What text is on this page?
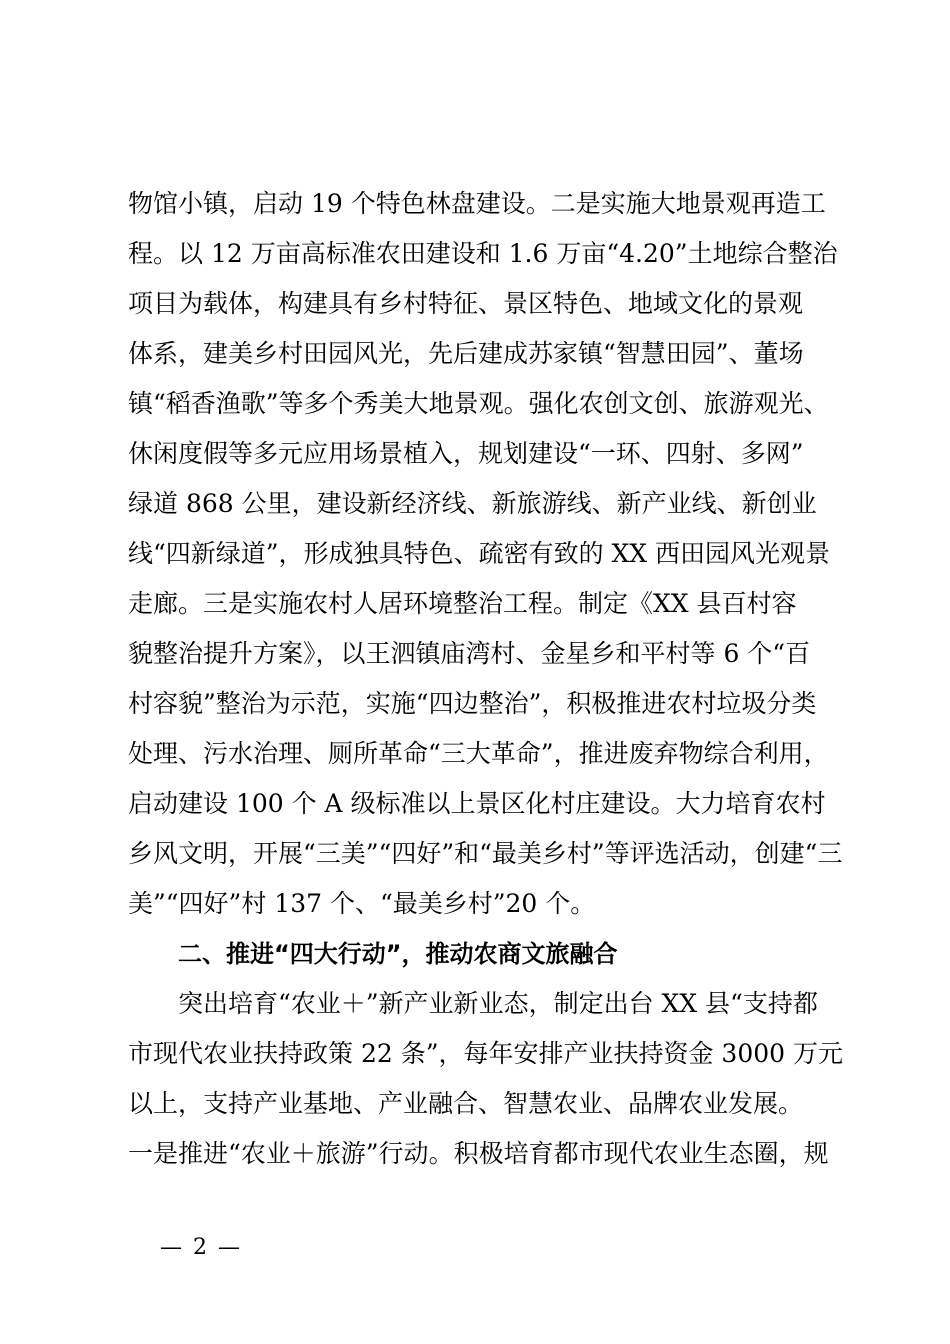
物馆小镇，启动 19 个特色林盘建设。二是实施大地景观再造工
程。以 12 万亩高标准农田建设和 1.6 万亩“4.20”土地综合整治
项目为载体，构建具有乡村特征、景区特色、地域文化的景观
体系，建美乡村田园风光，先后建成苏家镇“智慧田园”、董场
镇“稻香渔歌”等多个秀美大地景观。强化农创文创、旅游观光、
休闲度假等多元应用场景植入，规划建设“一环、四射、多网”
绿道 868 公里，建设新经济线、新旅游线、新产业线、新创业
线“四新绿道”，形成独具特色、疏密有致的 XX 西田园风光观景
走廊。三是实施农村人居环境整治工程。制定《XX 县百村容
貌整治提升方案》，以王泗镇庙湾村、金星乡和平村等 6 个“百
村容貌”整治为示范，实施“四边整治”，积极推进农村垃圾分类
处理、污水治理、厕所革命“三大革命”，推进废弃物综合利用，
启动建设 100 个 A 级标准以上景区化村庄建设。大力培育农村
乡风文明，开展“三美”“四好”和“最美乡村”等评选活动，创建“三
美”“四好”村 137 个、“最美乡村”20 个。
二、推进“四大行动”，推动农商文旅融合
突出培育“农业＋”新产业新业态，制定出台 XX 县“支持都
市现代农业扶持政策 22 条”，每年安排产业扶持资金 3000 万元
以上，支持产业基地、产业融合、智慧农业、品牌农业发展。
一是推进“农业＋旅游”行动。积极培育都市现代农业生态圈，规
— 2 —
